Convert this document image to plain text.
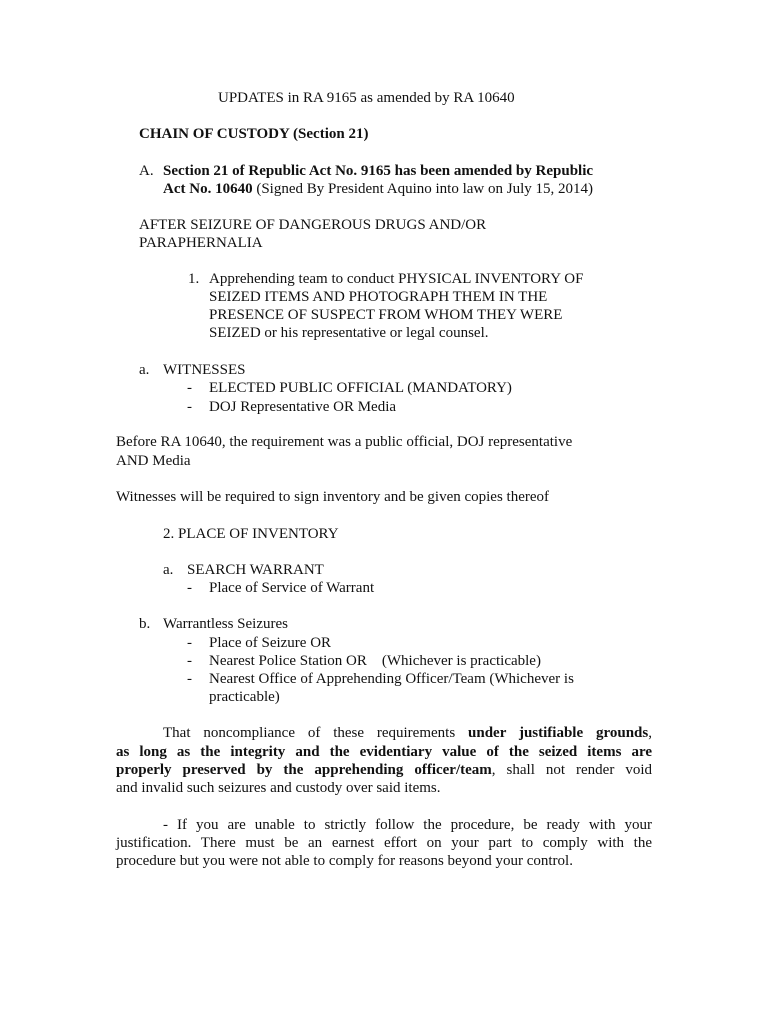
UPDATES in RA 9165 as amended by RA 10640
CHAIN OF CUSTODY (Section 21)
A. Section 21 of Republic Act No. 9165 has been amended by Republic
Act No. 10640 (Signed By President Aquino into law on July 15, 2014)
AFTER SEIZURE OF DANGEROUS DRUGS AND/OR
PARAPHERNALIA
1. Apprehending team to conduct PHYSICAL INVENTORY OF
SEIZED ITEMS AND PHOTOGRAPH THEM IN THE
PRESENCE OF SUSPECT FROM WHOM THEY WERE
SEIZED or his representative or legal counsel.
a. WITNESSES
- ELECTED PUBLIC OFFICIAL (MANDATORY)
- DOJ Representative OR Media
Before RA 10640, the requirement was a public official, DOJ representative
AND Media
Witnesses will be required to sign inventory and be given copies thereof
2. PLACE OF INVENTORY
a. SEARCH WARRANT
- Place of Service of Warrant
b. Warrantless Seizures
- Place of Seizure OR
- Nearest Police Station OR    (Whichever is practicable)
- Nearest Office of Apprehending Officer/Team (Whichever is
practicable)
That noncompliance of these requirements under justifiable grounds,
as long as the integrity and the evidentiary value of the seized items are
properly preserved by the apprehending officer/team, shall not render void
and invalid such seizures and custody over said items.
- If you are unable to strictly follow the procedure, be ready with your
justification. There must be an earnest effort on your part to comply with the
procedure but you were not able to comply for reasons beyond your control.
